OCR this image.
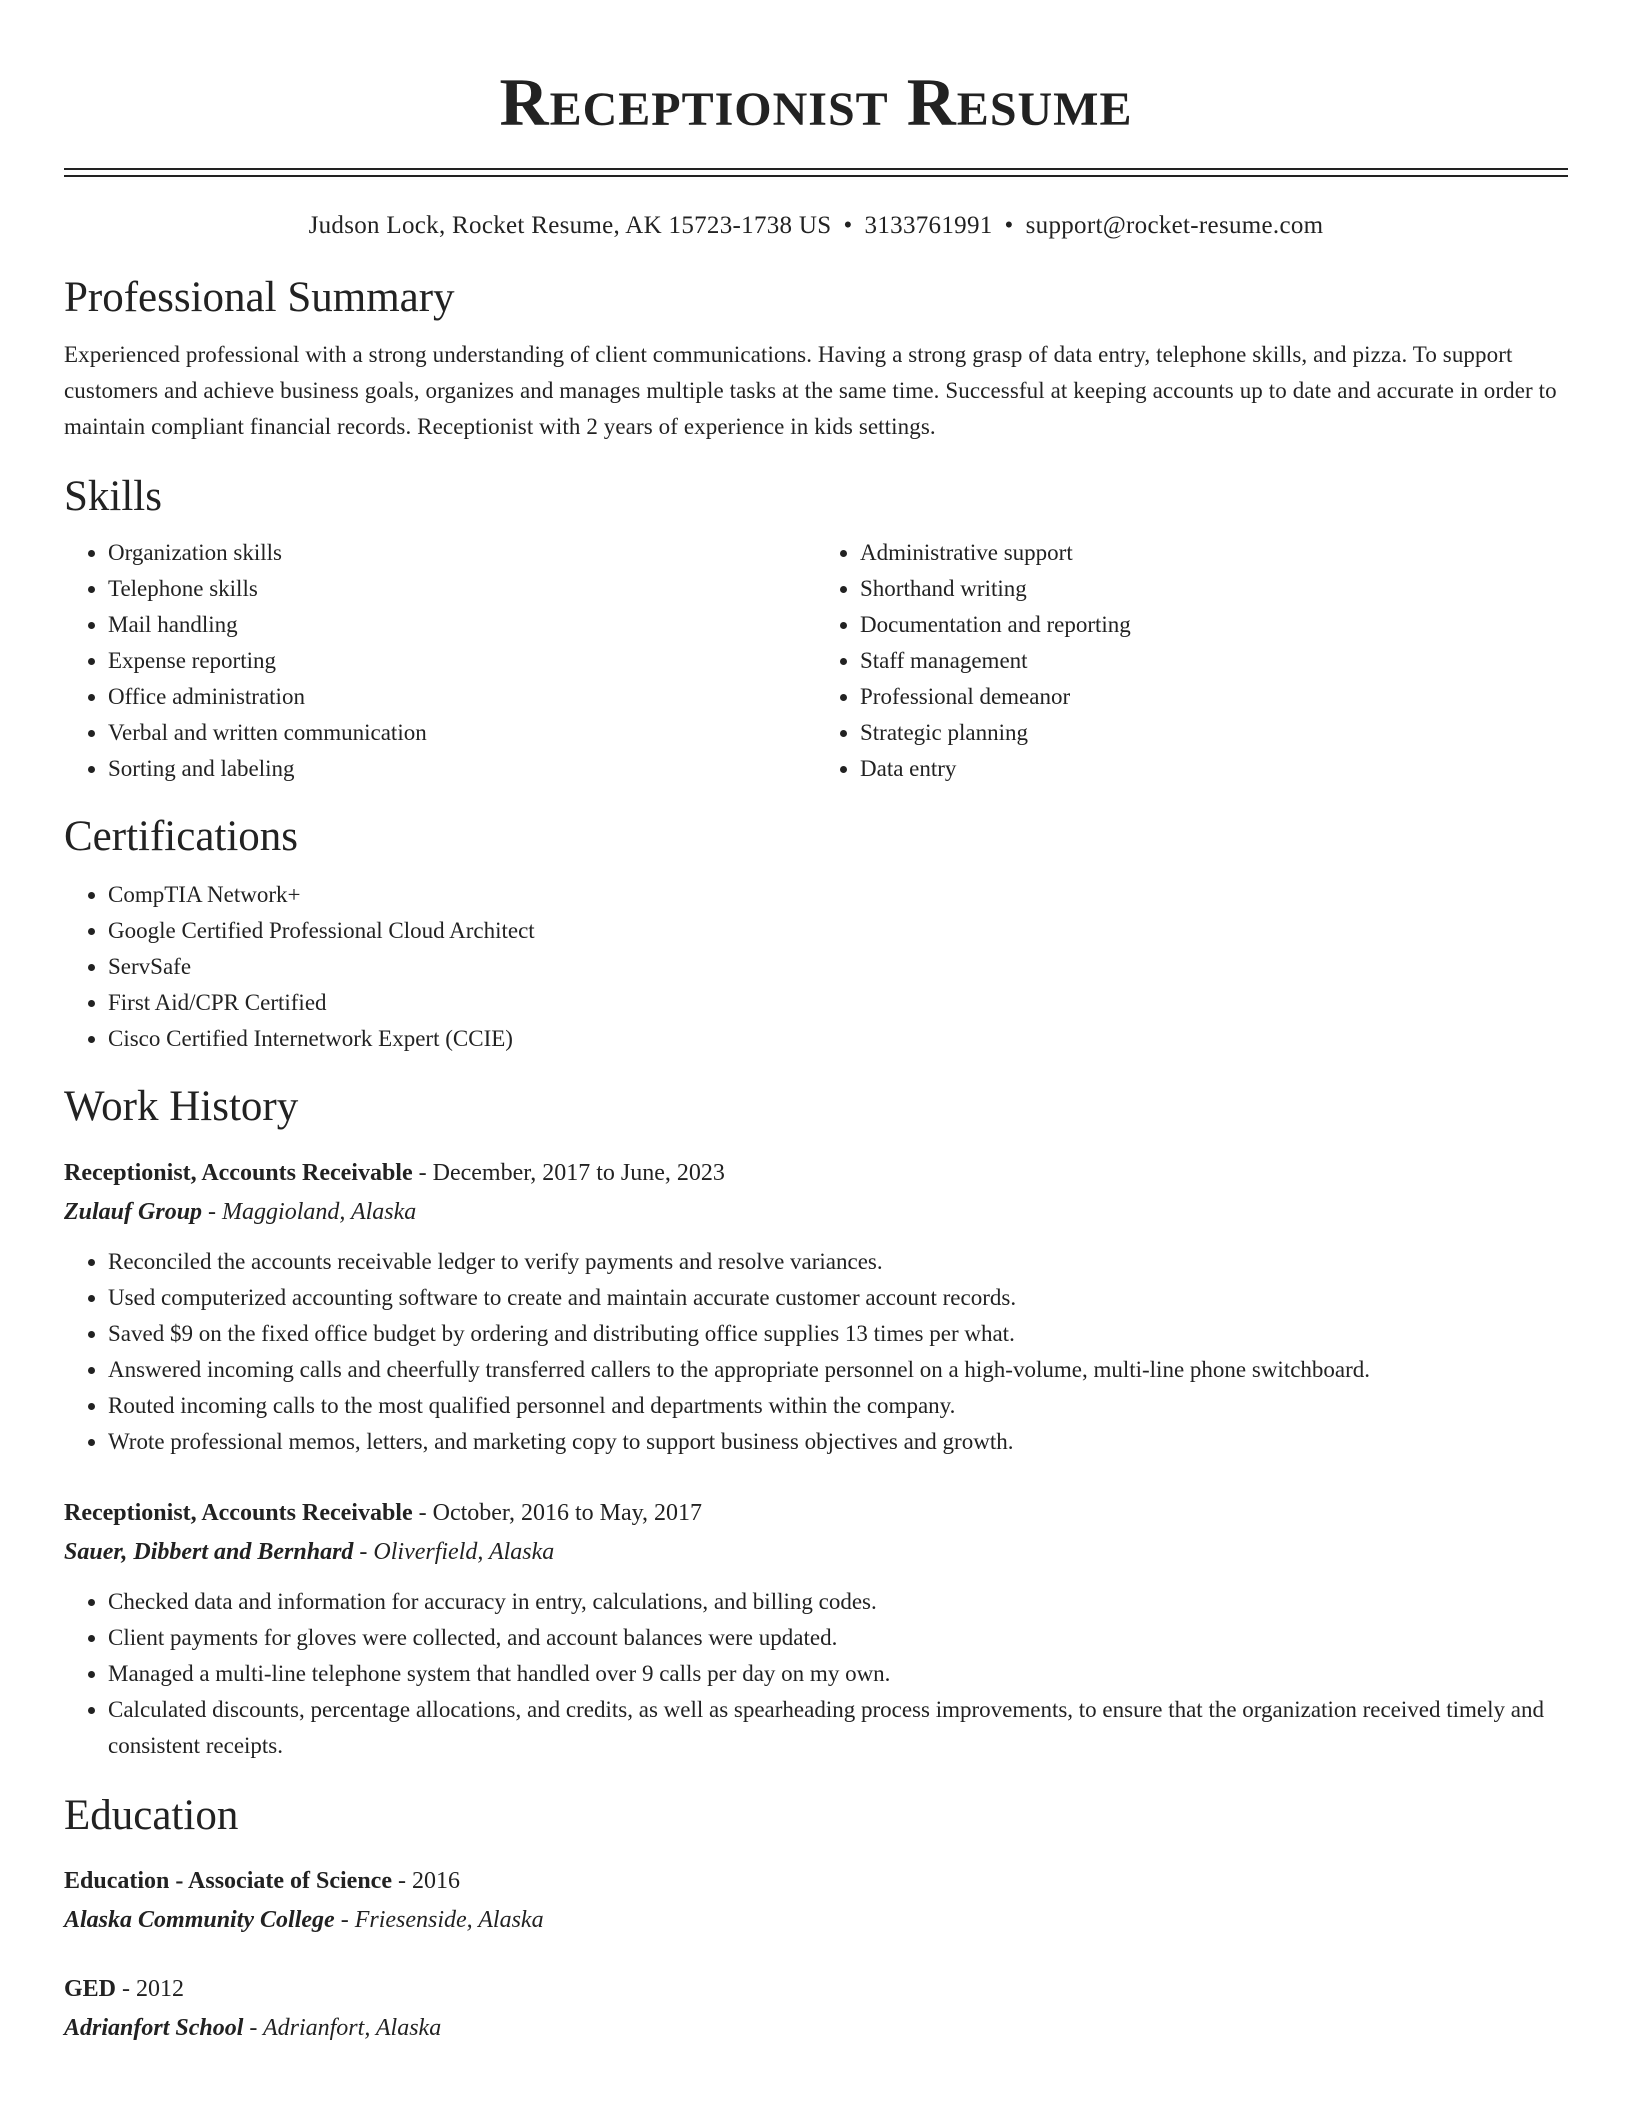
Receptionist Resume
Judson Lock, Rocket Resume, AK 15723-1738 US • 3133761991 • support@rocket-resume.com
Professional Summary
Experienced professional with a strong understanding of client communications. Having a strong grasp of data entry, telephone skills, and pizza. To support customers and achieve business goals, organizes and manages multiple tasks at the same time. Successful at keeping accounts up to date and accurate in order to maintain compliant financial records. Receptionist with 2 years of experience in kids settings.
Skills
• Organization skills
• Telephone skills
• Mail handling
• Expense reporting
• Office administration
• Verbal and written communication
• Sorting and labeling
• Administrative support
• Shorthand writing
• Documentation and reporting
• Staff management
• Professional demeanor
• Strategic planning
• Data entry
Certifications
• CompTIA Network+
• Google Certified Professional Cloud Architect
• ServSafe
• First Aid/CPR Certified
• Cisco Certified Internetwork Expert (CCIE)
Work History
Receptionist, Accounts Receivable - December, 2017 to June, 2023
Zulauf Group - Maggioland, Alaska
• Reconciled the accounts receivable ledger to verify payments and resolve variances.
• Used computerized accounting software to create and maintain accurate customer account records.
• Saved $9 on the fixed office budget by ordering and distributing office supplies 13 times per what.
• Answered incoming calls and cheerfully transferred callers to the appropriate personnel on a high-volume, multi-line phone switchboard.
• Routed incoming calls to the most qualified personnel and departments within the company.
• Wrote professional memos, letters, and marketing copy to support business objectives and growth.
Receptionist, Accounts Receivable - October, 2016 to May, 2017
Sauer, Dibbert and Bernhard - Oliverfield, Alaska
• Checked data and information for accuracy in entry, calculations, and billing codes.
• Client payments for gloves were collected, and account balances were updated.
• Managed a multi-line telephone system that handled over 9 calls per day on my own.
• Calculated discounts, percentage allocations, and credits, as well as spearheading process improvements, to ensure that the organization received timely and consistent receipts.
Education
Education - Associate of Science - 2016
Alaska Community College - Friesenside, Alaska
GED - 2012
Adrianfort School - Adrianfort, Alaska
